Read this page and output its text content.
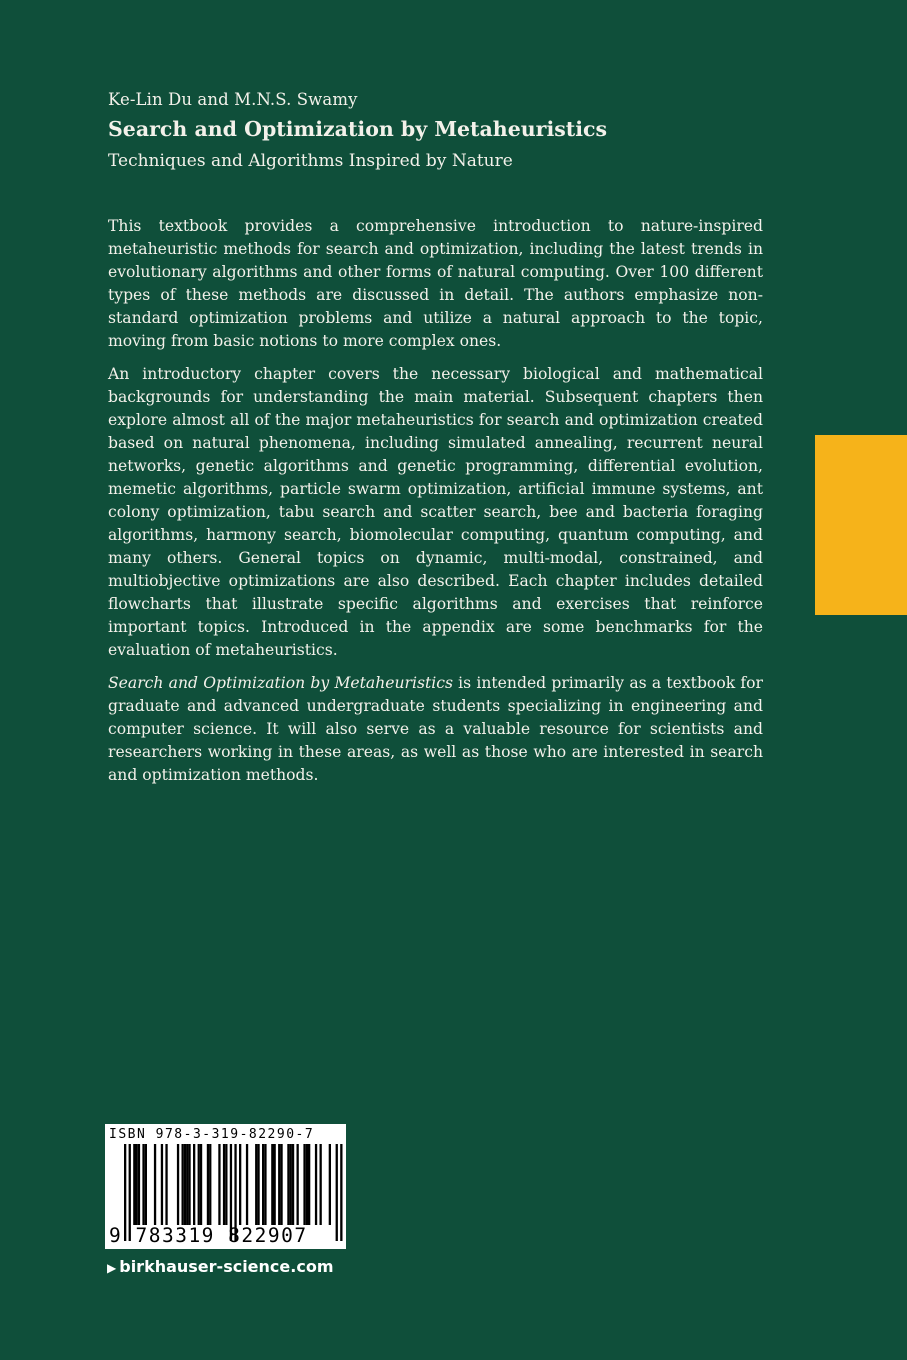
Ke-Lin Du and M.N.S. Swamy
Search and Optimization by Metaheuristics
Techniques and Algorithms Inspired by Nature

This textbook provides a comprehensive introduction to nature-inspired metaheuristic methods for search and optimization, including the latest trends in evolutionary algorithms and other forms of natural computing. Over 100 different types of these methods are discussed in detail. The authors emphasize non-standard optimization problems and utilize a natural approach to the topic, moving from basic notions to more complex ones.

An introductory chapter covers the necessary biological and mathematical backgrounds for understanding the main material. Subsequent chapters then explore almost all of the major metaheuristics for search and optimization created based on natural phenomena, including simulated annealing, recurrent neural networks, genetic algorithms and genetic programming, differential evolution, memetic algorithms, particle swarm optimization, artificial immune systems, ant colony optimization, tabu search and scatter search, bee and bacteria foraging algorithms, harmony search, biomolecular computing, quantum computing, and many others. General topics on dynamic, multi-modal, constrained, and multiobjective optimizations are also described. Each chapter includes detailed flowcharts that illustrate specific algorithms and exercises that reinforce important topics. Introduced in the appendix are some benchmarks for the evaluation of metaheuristics.

Search and Optimization by Metaheuristics is intended primarily as a textbook for graduate and advanced undergraduate students specializing in engineering and computer science. It will also serve as a valuable resource for scientists and researchers working in these areas, as well as those who are interested in search and optimization methods.

ISBN 978-3-319-82290-7
9 783319 822907
▶ birkhauser-science.com
